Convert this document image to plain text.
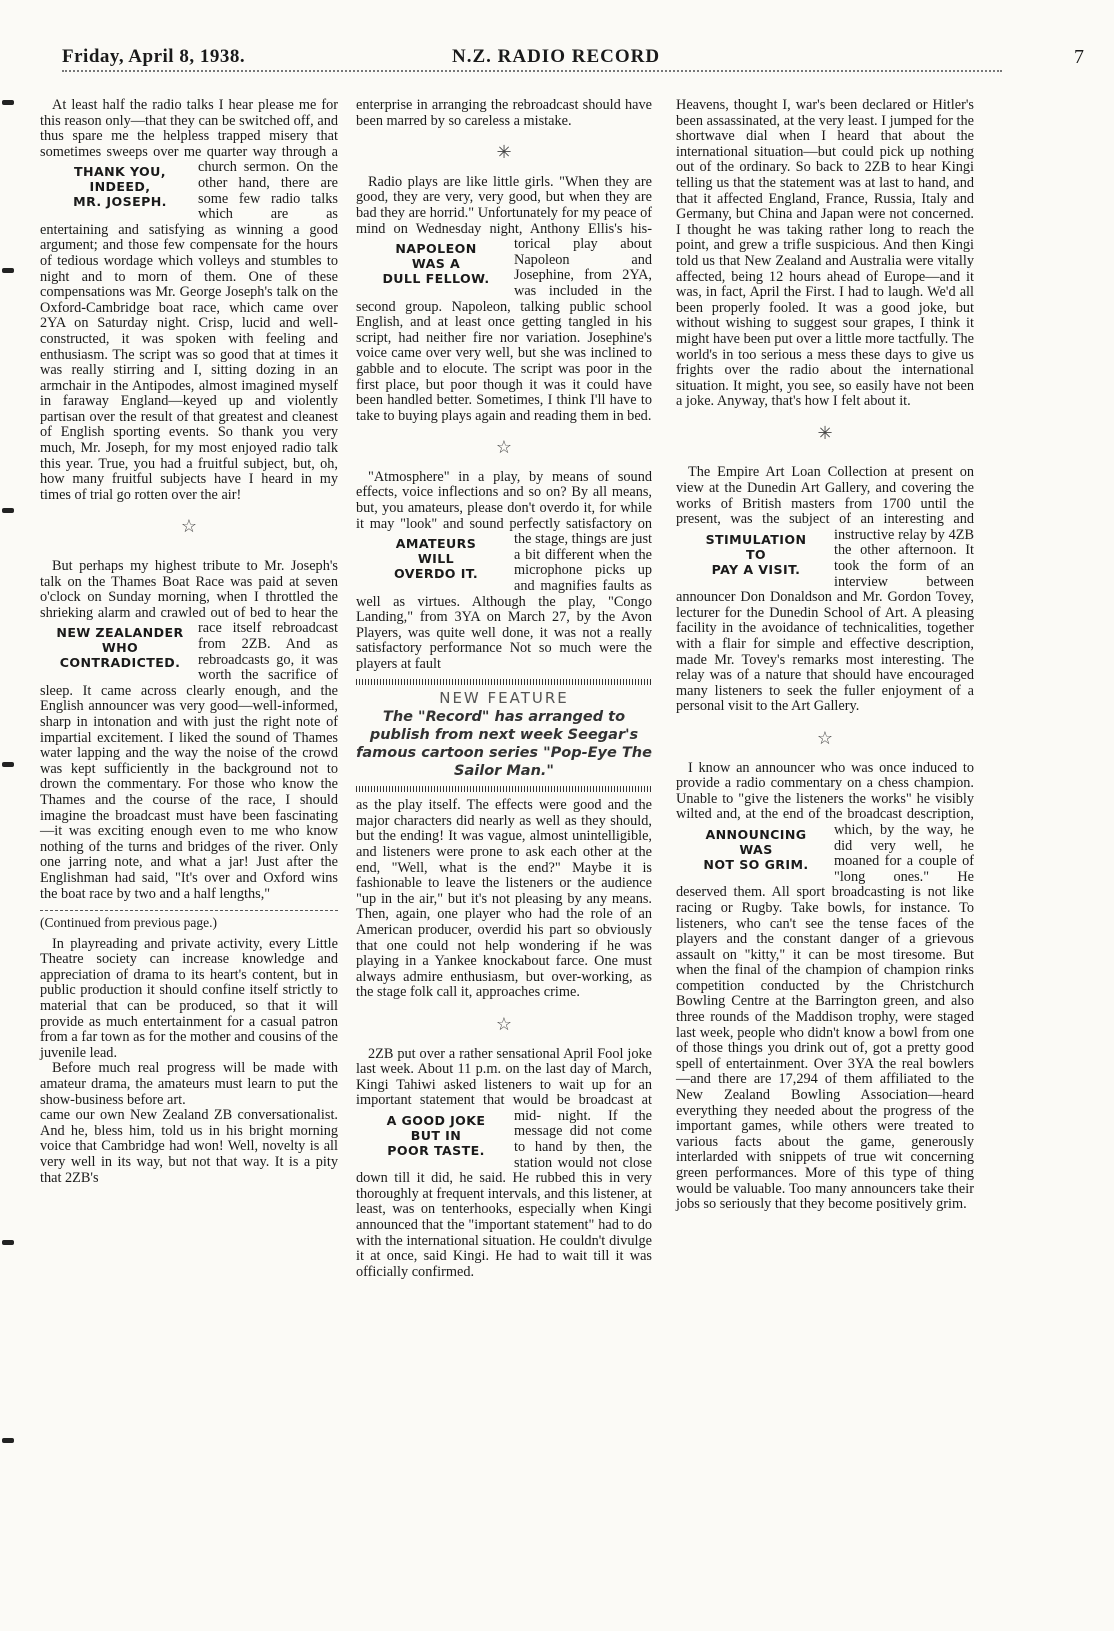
Friday, April 8, 1938.	N.Z. RADIO RECORD	7

At least half the radio talks I hear please me for this reason only—that they can be switched off, and thus spare me the helpless trapped misery that sometimes sweeps over me quarter way through
THANK YOU,
INDEED,
MR. JOSEPH.
a church sermon. On the other hand, there are some few radio talks which are as entertaining and satisfying as winning a good argument; and those few compensate for the hours of tedious wordage which volleys and stumbles to night and to morn of them. One of these compensations was Mr. George Joseph's talk on the Oxford-Cambridge boat race, which came over 2YA on Saturday night. Crisp, lucid and well-constructed, it was spoken with feeling and enthusiasm. The script was so good that at times it was really stirring and I, sitting dozing in an armchair in the Antipodes, almost imagined myself in faraway England—keyed up and violently partisan over the result of that greatest and cleanest of English sporting events. So thank you very much, Mr. Joseph, for my most enjoyed radio talk this year. True, you had a fruitful subject, but, oh, how many fruitful subjects have I heard in my times of trial go rotten over the air!

☆

But perhaps my highest tribute to Mr. Joseph's talk on the Thames Boat Race was paid at seven o'clock on Sunday morning, when I throttled the shrieking alarm and crawled out of bed to hear the
NEW ZEALANDER
WHO
CONTRADICTED.
race itself rebroadcast from 2ZB. And as rebroadcasts go, it was worth the sacrifice of sleep. It came across clearly enough, and the English announcer was very good—well-informed, sharp in intonation and with just the right note of impartial excitement. I liked the sound of Thames water lapping and the way the noise of the crowd was kept sufficiently in the background not to drown the commentary. For those who know the Thames and the course of the race, I should imagine the broadcast must have been fascinating—it was exciting enough even to me who know nothing of the turns and bridges of the river. Only one jarring note, and what a jar! Just after the Englishman had said, "It's over and Oxford wins the boat race by two and a half lengths,"

(Continued from previous page.)

In playreading and private activity, every Little Theatre society can increase knowledge and appreciation of drama to its heart's content, but in public production it should confine itself strictly to material that can be produced, so that it will provide as much entertainment for a casual patron from a far town as for the mother and cousins of the juvenile lead.

Before much real progress will be made with amateur drama, the amateurs must learn to put the show-business before art.

came our own New Zealand ZB conversationalist. And he, bless him, told us in his bright morning voice that Cambridge had won! Well, novelty is all very well in its way, but not that way. It is a pity that 2ZB's

enterprise in arranging the rebroadcast should have been marred by so careless a mistake.

✳

Radio plays are like little girls. "When they are good, they are very, very good, but when they are bad they are horrid." Unfortunately for my peace of mind on Wednesday night, Anthony Ellis's his-
NAPOLEON
WAS A
DULL FELLOW.
torical play about Napoleon and Josephine, from 2YA, was included in the second group. Napoleon, talking public school English, and at least once getting tangled in his script, had neither fire nor variation. Josephine's voice came over very well, but she was inclined to gabble and to elocute. The script was poor in the first place, but poor though it was it could have been handled better. Sometimes, I think I'll have to take to buying plays again and reading them in bed.

☆

"Atmosphere" in a play, by means of sound effects, voice inflections and so on? By all means, but, you amateurs, please don't overdo it, for while it may "look" and sound perfectly satisfactory on the
AMATEURS
WILL
OVERDO IT.
stage, things are just a bit different when the microphone picks up and magnifies faults as well as virtues. Although the play, "Congo Landing," from 3YA on March 27, by the Avon Players, was quite well done, it was not a really satisfactory performance Not so much were the players at fault

NEW FEATURE
The "Record" has arranged to publish from next week Seegar's famous cartoon series "Pop-Eye The Sailor Man."

as the play itself. The effects were good and the major characters did nearly as well as they should, but the ending! It was vague, almost unintelligible, and listeners were prone to ask each other at the end, "Well, what is the end?" Maybe it is fashionable to leave the listeners or the audience "up in the air," but it's not pleasing by any means. Then, again, one player who had the role of an American producer, overdid his part so obviously that one could not help wondering if he was playing in a Yankee knockabout farce. One must always admire enthusiasm, but over-working, as the stage folk call it, approaches crime.

☆

2ZB put over a rather sensational April Fool joke last week. About 11 p.m. on the last day of March, Kingi Tahiwi asked listeners to wait up for an important statement that would be broadcast at mid-
A GOOD JOKE
BUT IN
POOR TASTE.
night. If the message did not come to hand by then, the station would not close down till it did, he said. He rubbed this in very thoroughly at frequent intervals, and this listener, at least, was on tenterhooks, especially when Kingi announced that the "important statement" had to do with the international situation. He couldn't divulge it at once, said Kingi. He had to wait till it was officially confirmed.

Heavens, thought I, war's been declared or Hitler's been assassinated, at the very least. I jumped for the shortwave dial when I heard that about the international situation—but could pick up nothing out of the ordinary. So back to 2ZB to hear Kingi telling us that the statement was at last to hand, and that it affected England, France, Russia, Italy and Germany, but China and Japan were not concerned. I thought he was taking rather long to reach the point, and grew a trifle suspicious. And then Kingi told us that New Zealand and Australia were vitally affected, being 12 hours ahead of Europe—and it was, in fact, April the First. I had to laugh. We'd all been properly fooled. It was a good joke, but without wishing to suggest sour grapes, I think it might have been put over a little more tactfully. The world's in too serious a mess these days to give us frights over the radio about the international situation. It might, you see, so easily have not been a joke. Anyway, that's how I felt about it.

✳

The Empire Art Loan Collection at present on view at the Dunedin Art Gallery, and covering the works of British masters from 1700 until the present, was the subject of an interesting and instructive
STIMULATION
TO
PAY A VISIT.
relay by 4ZB the other afternoon. It took the form of an interview between announcer Don Donaldson and Mr. Gordon Tovey, lecturer for the Dunedin School of Art. A pleasing facility in the avoidance of technicalities, together with a flair for simple and effective description, made Mr. Tovey's remarks most interesting. The relay was of a nature that should have encouraged many listeners to seek the fuller enjoyment of a personal visit to the Art Gallery.

☆

I know an announcer who was once induced to provide a radio commentary on a chess champion. Unable to "give the listeners the works" he visibly wilted and, at the end of the broadcast description, which, by
ANNOUNCING
WAS
NOT SO GRIM.
the way, he did very well, he moaned for a couple of "long ones." He deserved them. All sport broadcasting is not like racing or Rugby. Take bowls, for instance. To listeners, who can't see the tense faces of the players and the constant danger of a grievous assault on "kitty," it can be most tiresome. But when the final of the champion of champion rinks competition conducted by the Christchurch Bowling Centre at the Barrington green, and also three rounds of the Maddison trophy, were staged last week, people who didn't know a bowl from one of those things you drink out of, got a pretty good spell of entertainment. Over 3YA the real bowlers—and there are 17,294 of them affiliated to the New Zealand Bowling Association—heard everything they needed about the progress of the important games, while others were treated to various facts about the game, generously interlarded with snippets of true wit concerning green performances. More of this type of thing would be valuable. Too many announcers take their jobs so seriously that they become positively grim.
